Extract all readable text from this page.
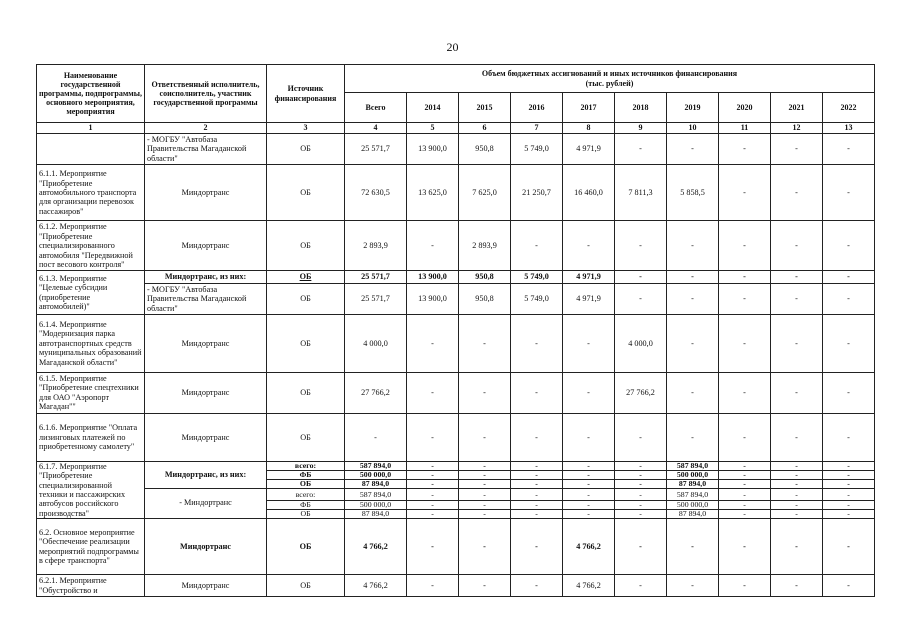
20
Наименование государственной программы, подпрограммы, основного мероприятия, мероприятия	Ответственный исполнитель, соисполнитель, участник государственной программы	Источник финансирования	Объем бюджетных ассигнований и иных источников финансирования
(тыс. рублей)									
			Всего	2014	2015	2016	2017	2018	2019	2020	2021	2022
1	2	3	4	5	6	7	8	9	10	11	12	13
	- МОГБУ "Автобаза Правительства Магаданской области"	ОБ	25 571,7	13 900,0	950,8	5 749,0	4 971,9	-	-	-	-	-
6.1.1. Мероприятие "Приобретение автомобильного транспорта для организации перевозок пассажиров"	Миндортранс	ОБ	72 630,5	13 625,0	7 625,0	21 250,7	16 460,0	7 811,3	5 858,5	-	-	-
6.1.2. Мероприятие "Приобретение специализированного автомобиля "Передвижной пост весового контроля"	Миндортранс	ОБ	2 893,9	-	2 893,9	-	-	-	-	-	-	-
6.1.3. Мероприятие "Целевые субсидии (приобретение автомобилей)"	Миндортранс, из них:	ОБ	25 571,7	13 900,0	950,8	5 749,0	4 971,9	-	-	-	-	-
	- МОГБУ "Автобаза Правительства Магаданской области"	ОБ	25 571,7	13 900,0	950,8	5 749,0	4 971,9	-	-	-	-	-
6.1.4. Мероприятие "Модернизация парка автотранспортных средств муниципальных образований Магаданской области"	Миндортранс	ОБ	4 000,0	-	-	-	-	4 000,0	-	-	-	-
6.1.5. Мероприятие "Приобретение спецтехники для ОАО "Аэропорт Магадан""	Миндортранс	ОБ	27 766,2	-	-	-	-	27 766,2	-	-	-	-
6.1.6. Мероприятие "Оплата лизинговых платежей по приобретенному самолету"	Миндортранс	ОБ	-	-	-	-	-	-	-	-	-	-
6.1.7. Мероприятие "Приобретение специализированной техники и пассажирских автобусов российского производства"	Миндортранс, из них:	всего:	587 894,0	-	-	-	-	-	587 894,0	-	-	-
		ФБ	500 000,0	-	-	-	-	-	500 000,0	-	-	-
		ОБ	87 894,0	-	-	-	-	-	87 894,0	-	-	-
	- Миндортранс	всего:	587 894,0	-	-	-	-	-	587 894,0	-	-	-
		ФБ	500 000,0	-	-	-	-	-	500 000,0	-	-	-
		ОБ	87 894,0	-	-	-	-	-	87 894,0	-	-	-
6.2. Основное мероприятие "Обеспечение реализации мероприятий подпрограммы в сфере транспорта"	Миндортранс	ОБ	4 766,2	-	-	-	4 766,2	-	-	-	-	-
6.2.1. Мероприятие "Обустройство и	Миндортранс	ОБ	4 766,2	-	-	-	4 766,2	-	-	-	-	-
